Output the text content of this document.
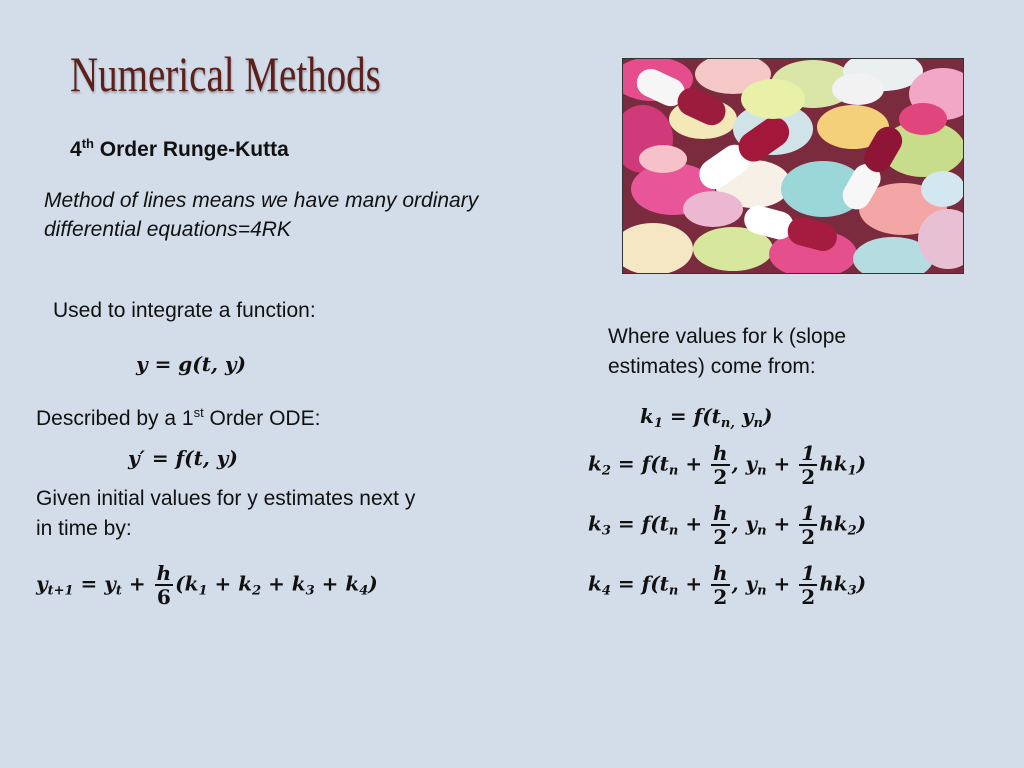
Numerical Methods
4th Order Runge-Kutta
Method of lines means we have many ordinary differential equations=4RK
Used to integrate a function:
y = g(t, y)
Described by a 1st Order ODE:
y′ = f(t, y)
Given initial values for y estimates next y in time by:
$y_{t+1} = y_t + \frac{h}{6} (k_1 + k_2 + k_3 + k_4)$
Where values for k (slope estimates) come from:
$k_1 = f(t_{n,}$ $y_n$)
$k_2 = f(t_n + \frac{h}{2}$ , $y_n + \frac{1}{2} hk_1$)
$k_3 = f(t_n + \frac{h}{2}$ , $y_n + \frac{1}{2} hk_2$)
$k_4 = f(t_n + \frac{h}{2}$ , $y_n + \frac{1}{2} hk_3$)
